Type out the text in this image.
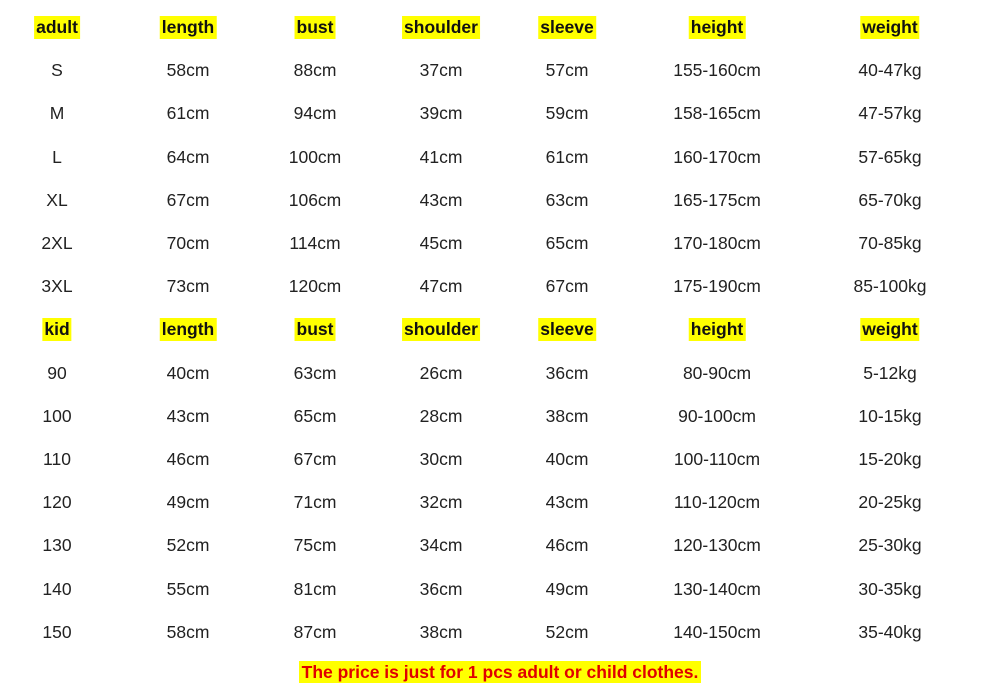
adult	length	bust	shoulder	sleeve	height	weight
S	58cm	88cm	37cm	57cm	155-160cm	40-47kg
M	61cm	94cm	39cm	59cm	158-165cm	47-57kg
L	64cm	100cm	41cm	61cm	160-170cm	57-65kg
XL	67cm	106cm	43cm	63cm	165-175cm	65-70kg
2XL	70cm	114cm	45cm	65cm	170-180cm	70-85kg
3XL	73cm	120cm	47cm	67cm	175-190cm	85-100kg
kid	length	bust	shoulder	sleeve	height	weight
90	40cm	63cm	26cm	36cm	80-90cm	5-12kg
100	43cm	65cm	28cm	38cm	90-100cm	10-15kg
110	46cm	67cm	30cm	40cm	100-110cm	15-20kg
120	49cm	71cm	32cm	43cm	110-120cm	20-25kg
130	52cm	75cm	34cm	46cm	120-130cm	25-30kg
140	55cm	81cm	36cm	49cm	130-140cm	30-35kg
150	58cm	87cm	38cm	52cm	140-150cm	35-40kg
The price is just for 1 pcs adult or child clothes.
